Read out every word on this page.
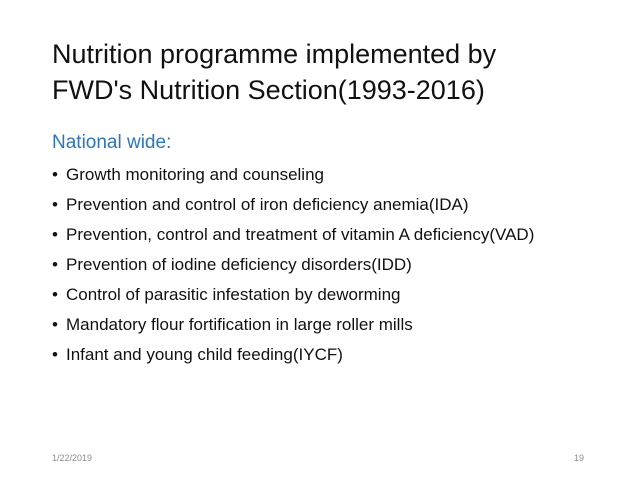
Nutrition programme implemented by
FWD's Nutrition Section(1993-2016)

National wide:

• Growth monitoring and counseling
• Prevention and control of iron deficiency anemia(IDA)
• Prevention, control and treatment of vitamin A deficiency(VAD)
• Prevention of iodine deficiency disorders(IDD)
• Control of parasitic infestation by deworming
• Mandatory flour fortification in large roller mills
• Infant and young child feeding(IYCF)
1/22/2019	19
